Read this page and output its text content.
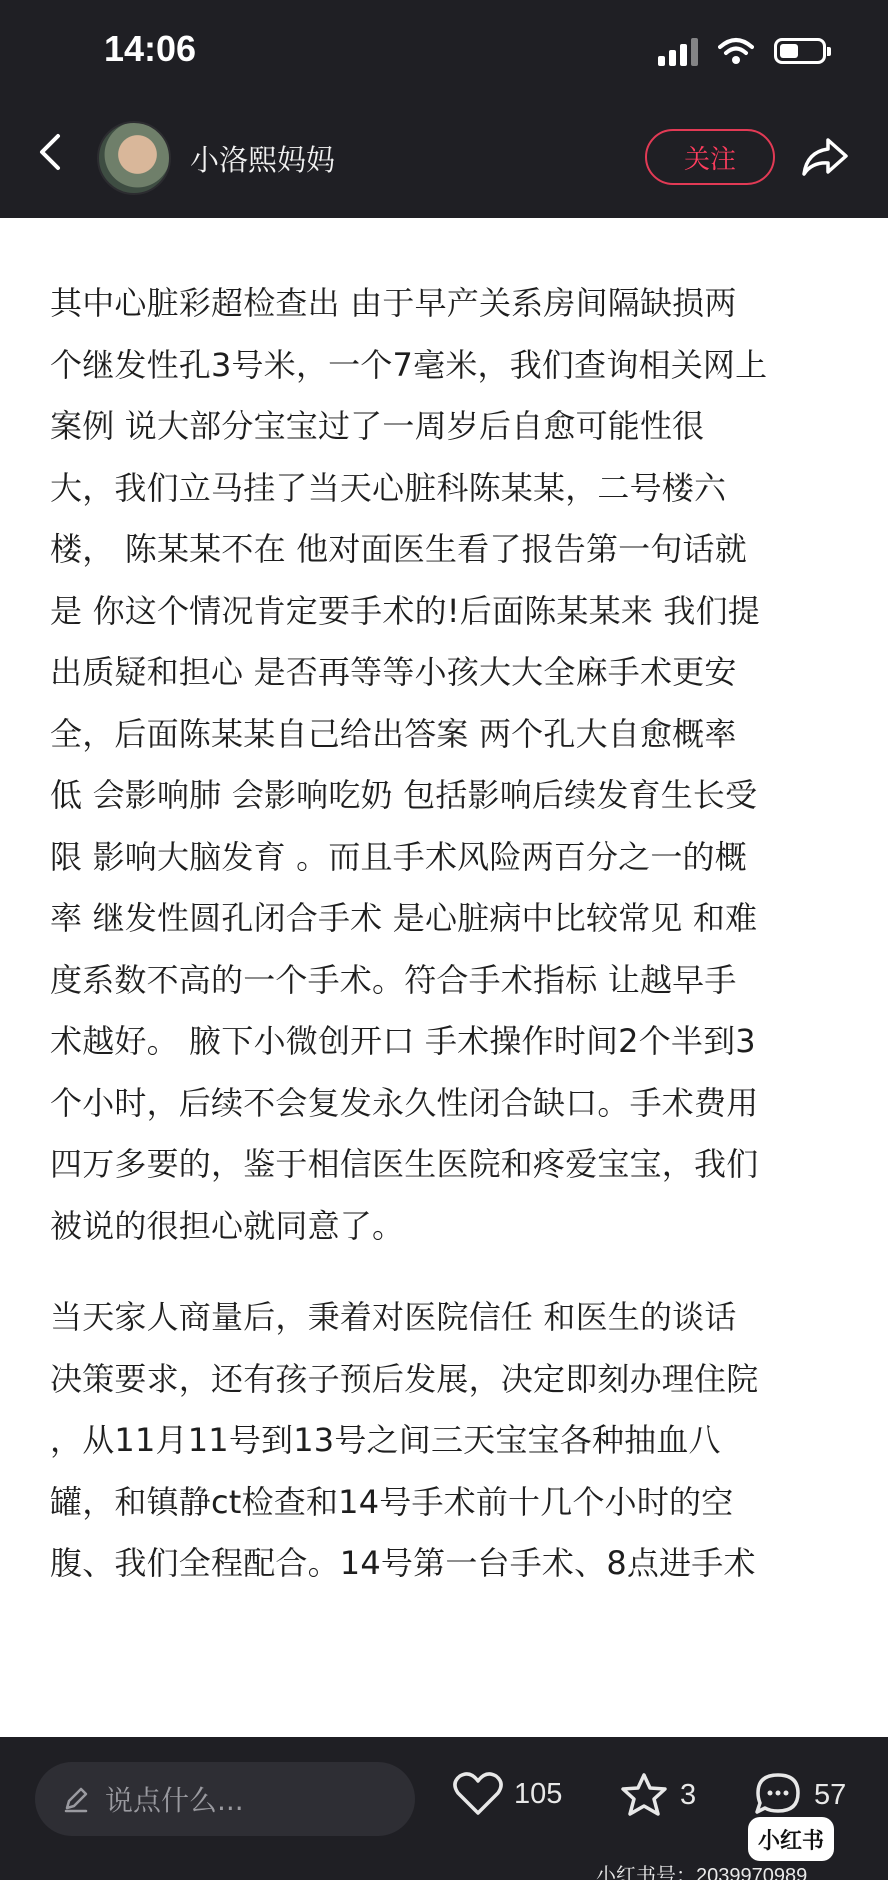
14:06
小洛熙妈妈	关注

其中心脏彩超检查出 由于早产关系房间隔缺损两
个继发性孔3号米，一个7毫米，我们查询相关网上
案例 说大部分宝宝过了一周岁后自愈可能性很
大，我们立马挂了当天心脏科陈某某，二号楼六
楼， 陈某某不在 他对面医生看了报告第一句话就
是 你这个情况肯定要手术的!后面陈某某来 我们提
出质疑和担心 是否再等等小孩大大全麻手术更安
全，后面陈某某自己给出答案 两个孔大自愈概率
低 会影响肺 会影响吃奶 包括影响后续发育生长受
限 影响大脑发育 。而且手术风险两百分之一的概
率 继发性圆孔闭合手术 是心脏病中比较常见 和难
度系数不高的一个手术。符合手术指标 让越早手
术越好。 腋下小微创开口 手术操作时间2个半到3
个小时，后续不会复发永久性闭合缺口。手术费用
四万多要的，鉴于相信医生医院和疼爱宝宝，我们
被说的很担心就同意了。

当天家人商量后，秉着对医院信任 和医生的谈话
决策要求，还有孩子预后发展，决定即刻办理住院
，从11月11号到13号之间三天宝宝各种抽血八
罐，和镇静ct检查和14号手术前十几个小时的空
腹、我们全程配合。14号第一台手术、8点进手术

说点什么...	105	3	57
小红书
小红书号：2039970989
